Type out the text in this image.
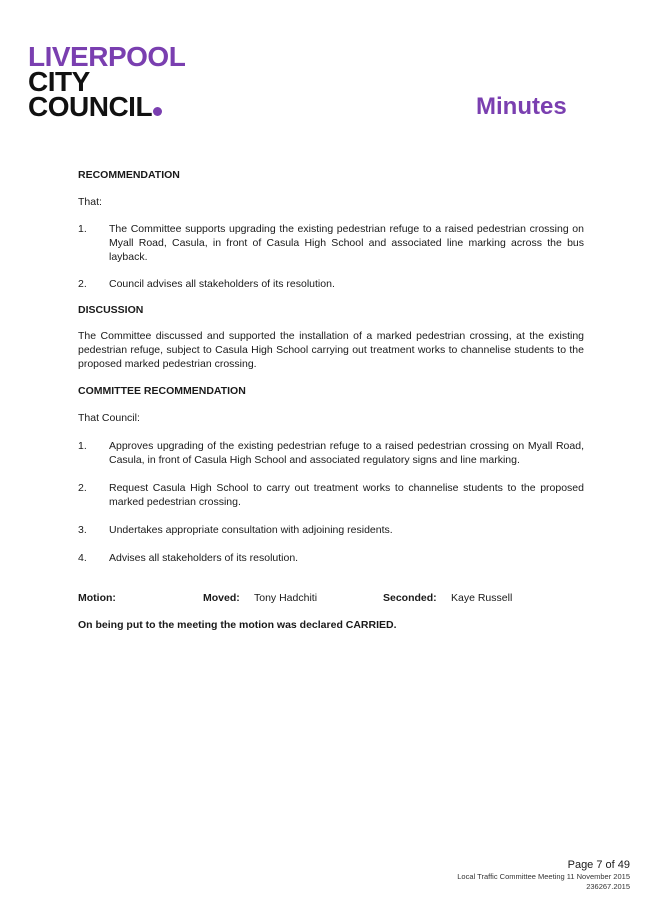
LIVERPOOL
CITY
COUNCIL	Minutes

RECOMMENDATION

That:

1.	The Committee supports upgrading the existing pedestrian refuge to a raised pedestrian crossing on Myall Road, Casula, in front of Casula High School and associated line marking across the bus layback.
2.	Council advises all stakeholders of its resolution.

DISCUSSION

The Committee discussed and supported the installation of a marked pedestrian crossing, at the existing pedestrian refuge, subject to Casula High School carrying out treatment works to channelise students to the proposed marked pedestrian crossing.

COMMITTEE RECOMMENDATION

That Council:

1.	Approves upgrading of the existing pedestrian refuge to a raised pedestrian crossing on Myall Road, Casula, in front of Casula High School and associated regulatory signs and line marking.
2.	Request Casula High School to carry out treatment works to channelise students to the proposed marked pedestrian crossing.
3.	Undertakes appropriate consultation with adjoining residents.
4.	Advises all stakeholders of its resolution.
Motion:	Moved: Tony Hadchiti	Seconded: Kaye Russell

On being put to the meeting the motion was declared CARRIED.

Page 7 of 49
Local Traffic Committee Meeting 11 November 2015
236267.2015
